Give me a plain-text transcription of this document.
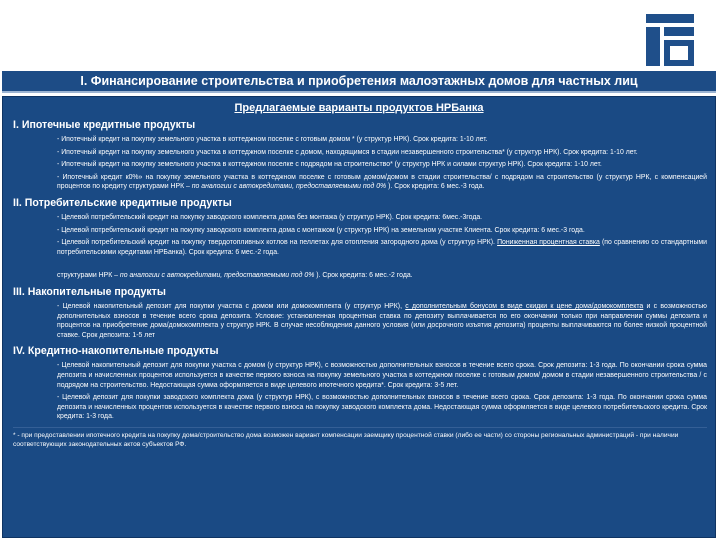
I. Финансирование строительства и приобретения малоэтажных домов для частных лиц
Предлагаемые варианты продуктов НРБанка
I. Ипотечные кредитные продукты
- Ипотечный кредит на покупку земельного участка в коттеджном поселке с готовым домом * (у структур НРК). Срок кредита: 1-10 лет.
- Ипотечный кредит на покупку земельного участка в коттеджном поселке с домом, находящимся в стадии незавершенного строительства* (у структур НРК). Срок кредита: 1-10 лет.
- Ипотечный кредит на покупку земельного участка в коттеджном поселке с подрядом на строительство* (у структур НРК и силами структур НРК). Срок кредита: 1-10 лет.
- Ипотечный кредит к0%» на покупку земельного участка в коттеджном поселке с готовым домом/домом в стадии строительства/ с подрядом на строительство (у структур НРК, с компенсацией процентов по кредиту структурами НРК – по аналогии с автокредитами, предоставляемыми под 0% ). Срок кредита: 6 мес.-3 года.
II. Потребительские кредитные продукты
- Целевой потребительский кредит на покупку заводского комплекта дома без монтажа (у структур НРК). Срок кредита: 6мес.-3года.
- Целевой потребительский кредит на покупку заводского комплекта дома с монтажом (у структур НРК) на земельном участке Клиента. Срок кредита: 6 мес.-3 года.
- Целевой потребительский кредит на покупку твердотопливных котлов на пеллетах для отопления загородного дома (у структур НРК). Пониженная процентная ставка (по сравнению со стандартными потребительскими кредитами НРБанка). Срок кредита: 6 мес.-2 года.
структурами НРК – по аналогии с автокредитами, предоставляемыми под 0% ). Срок кредита: 6 мес.-2 года.
III. Накопительные продукты
- Целевой накопительный депозит для покупки участка с домом или домокомплекта (у структур НРК), с дополнительным бонусом в виде скидки к цене дома/домокомплекта и с возможностью дополнительных взносов в течение всего срока депозита. Условие: установленная процентная ставка по депозиту выплачивается по его окончании только при направлении суммы депозита и процентов на приобретение дома/домокомплекта у структур НРК. В случае несоблюдения данного условия (или досрочного изъятия депозита) проценты выплачиваются по более низкой процентной ставке. Срок депозита: 1-5 лет
IV. Кредитно-накопительные продукты
- Целевой накопительный депозит для покупки участка с домом (у структур НРК), с возможностью дополнительных взносов в течение всего срока. Срок депозита: 1-3 года. По окончании срока сумма депозита и начисленных процентов используется в качестве первого взноса на покупку земельного участка в коттеджном поселке с готовым домом/ домом в стадии незавершенного строительства / с подрядом на строительство. Недостающая сумма оформляется в виде целевого ипотечного кредита*. Срок кредита: 3-5 лет.
- Целевой депозит для покупки заводского комплекта дома (у структур НРК), с возможностью дополнительных взносов в течение всего срока. Срок депозита: 1-3 года. По окончании срока сумма депозита и начисленных процентов используется в качестве первого взноса на покупку заводского комплекта дома. Недостающая сумма оформляется в виде целевого потребительского кредита. Срок кредита: 1-3 года.
* - при предоставлении ипотечного кредита на покупку дома/строительство дома возможен вариант компенсации заемщику процентной ставки (либо ее части) со стороны региональных администраций - при наличии соответствующих законодательных актов субъектов РФ.
